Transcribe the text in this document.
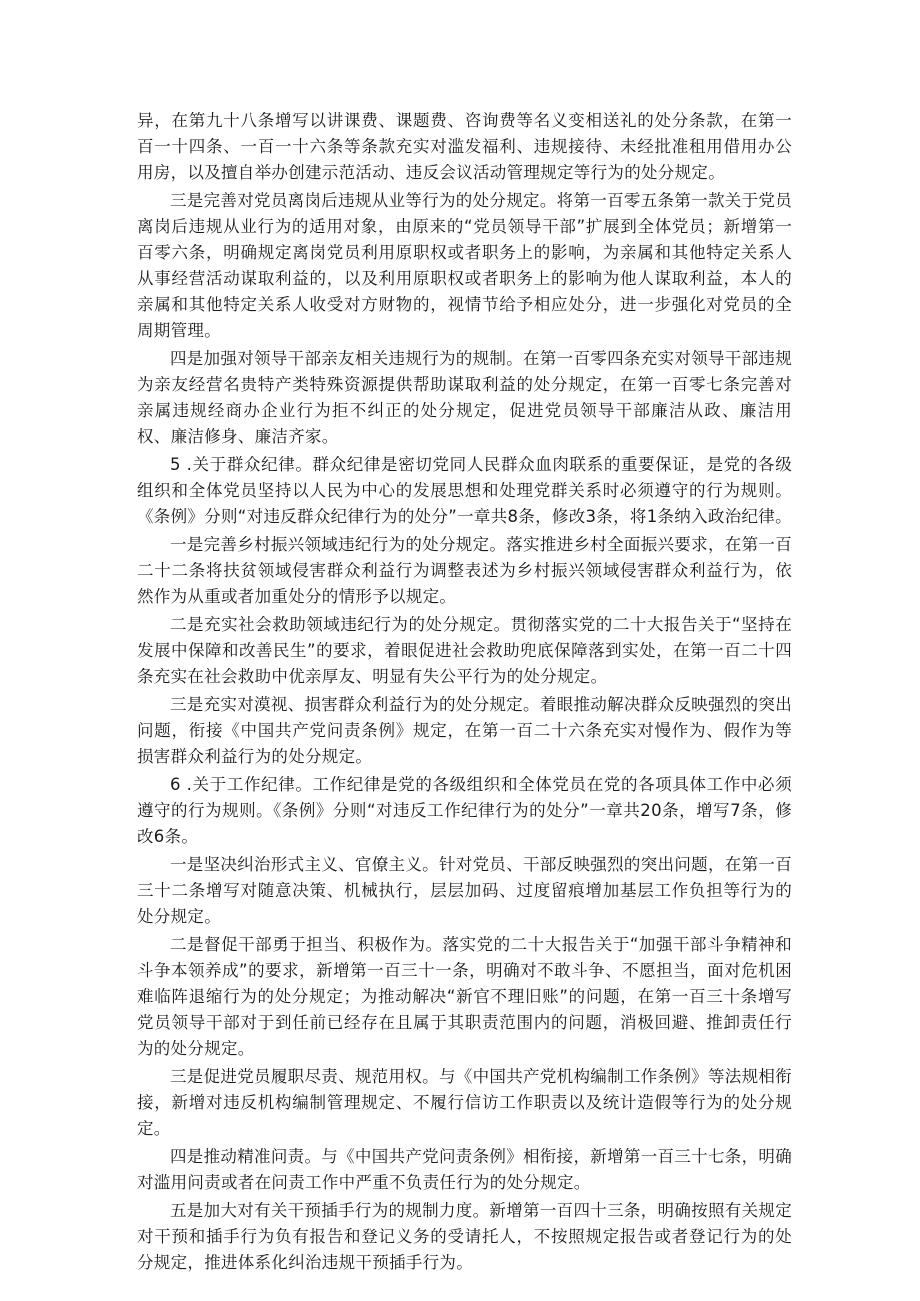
异，在第九十八条增写以讲课费、课题费、咨询费等名义变相送礼的处分条款，在第一百一十四条、一百一十六条等条款充实对滥发福利、违规接待、未经批准租用借用办公用房，以及擅自举办创建示范活动、违反会议活动管理规定等行为的处分规定。

三是完善对党员离岗后违规从业等行为的处分规定。将第一百零五条第一款关于党员离岗后违规从业行为的适用对象，由原来的“党员领导干部”扩展到全体党员；新增第一百零六条，明确规定离岗党员利用原职权或者职务上的影响，为亲属和其他特定关系人从事经营活动谋取利益的，以及利用原职权或者职务上的影响为他人谋取利益，本人的亲属和其他特定关系人收受对方财物的，视情节给予相应处分，进一步强化对党员的全周期管理。

四是加强对领导干部亲友相关违规行为的规制。在第一百零四条充实对领导干部违规为亲友经营名贵特产类特殊资源提供帮助谋取利益的处分规定，在第一百零七条完善对亲属违规经商办企业行为拒不纠正的处分规定，促进党员领导干部廉洁从政、廉洁用权、廉洁修身、廉洁齐家。

5 .关于群众纪律。群众纪律是密切党同人民群众血肉联系的重要保证，是党的各级组织和全体党员坚持以人民为中心的发展思想和处理党群关系时必须遵守的行为规则。《条例》分则“对违反群众纪律行为的处分”一章共8条，修改3条，将1条纳入政治纪律。

一是完善乡村振兴领域违纪行为的处分规定。落实推进乡村全面振兴要求，在第一百二十二条将扶贫领域侵害群众利益行为调整表述为乡村振兴领域侵害群众利益行为，依然作为从重或者加重处分的情形予以规定。

二是充实社会救助领域违纪行为的处分规定。贯彻落实党的二十大报告关于“坚持在发展中保障和改善民生”的要求，着眼促进社会救助兜底保障落到实处，在第一百二十四条充实在社会救助中优亲厚友、明显有失公平行为的处分规定。

三是充实对漠视、损害群众利益行为的处分规定。着眼推动解决群众反映强烈的突出问题，衔接《中国共产党问责条例》规定，在第一百二十六条充实对慢作为、假作为等损害群众利益行为的处分规定。

6 .关于工作纪律。工作纪律是党的各级组织和全体党员在党的各项具体工作中必须遵守的行为规则。《条例》分则“对违反工作纪律行为的处分”一章共20条，增写7条，修改6条。

一是坚决纠治形式主义、官僚主义。针对党员、干部反映强烈的突出问题，在第一百三十二条增写对随意决策、机械执行，层层加码、过度留痕增加基层工作负担等行为的处分规定。

二是督促干部勇于担当、积极作为。落实党的二十大报告关于“加强干部斗争精神和斗争本领养成”的要求，新增第一百三十一条，明确对不敢斗争、不愿担当，面对危机困难临阵退缩行为的处分规定；为推动解决“新官不理旧账”的问题，在第一百三十条增写党员领导干部对于到任前已经存在且属于其职责范围内的问题，消极回避、推卸责任行为的处分规定。

三是促进党员履职尽责、规范用权。与《中国共产党机构编制工作条例》等法规相衔接，新增对违反机构编制管理规定、不履行信访工作职责以及统计造假等行为的处分规定。

四是推动精准问责。与《中国共产党问责条例》相衔接，新增第一百三十七条，明确对滥用问责或者在问责工作中严重不负责任行为的处分规定。

五是加大对有关干预插手行为的规制力度。新增第一百四十三条，明确按照有关规定对干预和插手行为负有报告和登记义务的受请托人，不按照规定报告或者登记行为的处分规定，推进体系化纠治违规干预插手行为。
